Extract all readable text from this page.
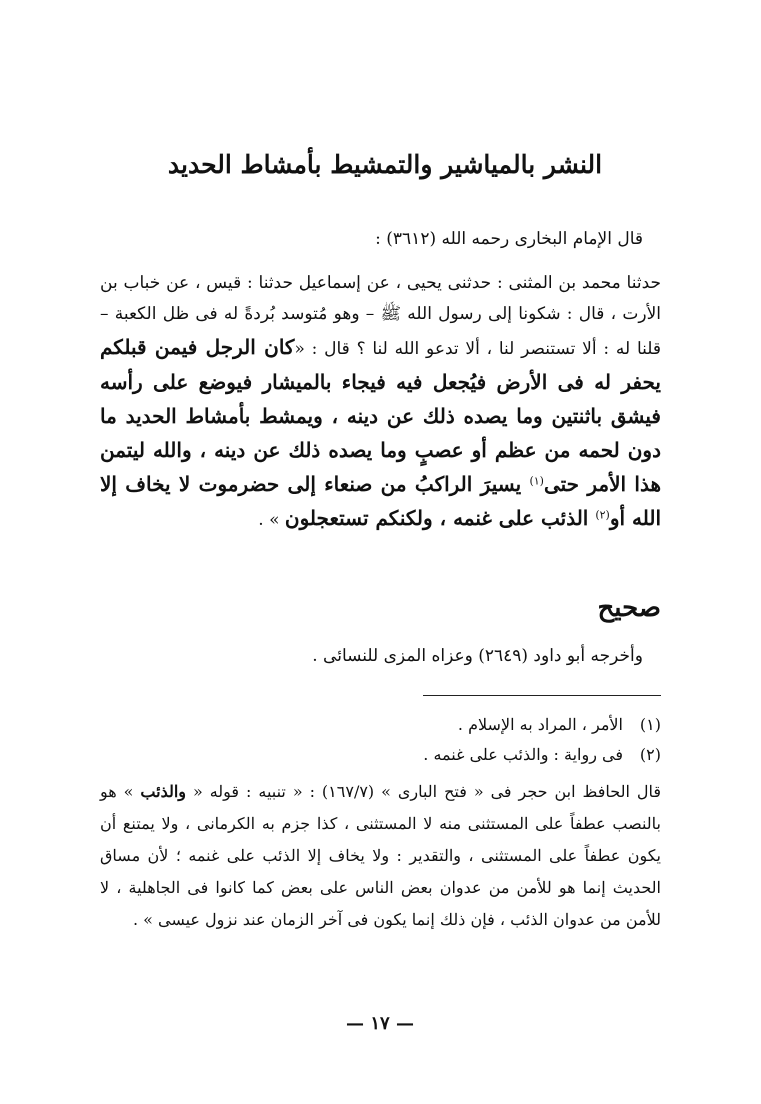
النشر بالمياشير والتمشيط بأمشاط الحديد
قال الإمام البخارى رحمه الله (٣٦١٢) :
حدثنا محمد بن المثنى : حدثنى يحيى ، عن إسماعيل حدثنا : قيس ، عن خباب بن الأرت ، قال : شكونا إلى رسول الله ﷺ – وهو مُتوسد بُردةً له فى ظل الكعبة – قلنا له : ألا تستنصر لنا ، ألا تدعو الله لنا ؟ قال : «كان الرجل فيمن قبلكم يحفر له فى الأرض فيُجعل فيه فيجاء بالميشار فيوضع على رأسه فيشق باثنتين وما يصده ذلك عن دينه ، ويمشط بأمشاط الحديد ما دون لحمه من عظم أو عصبٍ وما يصده ذلك عن دينه ، والله ليتمن هذا الأمر حتى$^{(١)}$ يسيرَ الراكبُ من صنعاء إلى حضرموت لا يخاف إلا الله أو$^{(٢)}$ الذئب على غنمه ، ولكنكم تستعجلون » .
صحيح
وأخرجه أبو داود (٢٦٤٩) وعزاه المزى للنسائى .
(١)
الأمر ، المراد به الإسلام .
(٢)
فى رواية : والذئب على غنمه .
قال الحافظ ابن حجر فى « فتح البارى » (١٦٧/٧) : « تنبيه : قوله « والذئب » هو بالنصب عطفاً على المستثنى منه لا المستثنى ، كذا جزم به الكرمانى ، ولا يمتنع أن يكون عطفاً على المستثنى ، والتقدير : ولا يخاف إلا الذئب على غنمه ؛ لأن مساق الحديث إنما هو للأمن من عدوان بعض الناس على بعض كما كانوا فى الجاهلية ، لا للأمن من عدوان الذئب ، فإن ذلك إنما يكون فى آخر الزمان عند نزول عيسى » .
— ١٧ —
